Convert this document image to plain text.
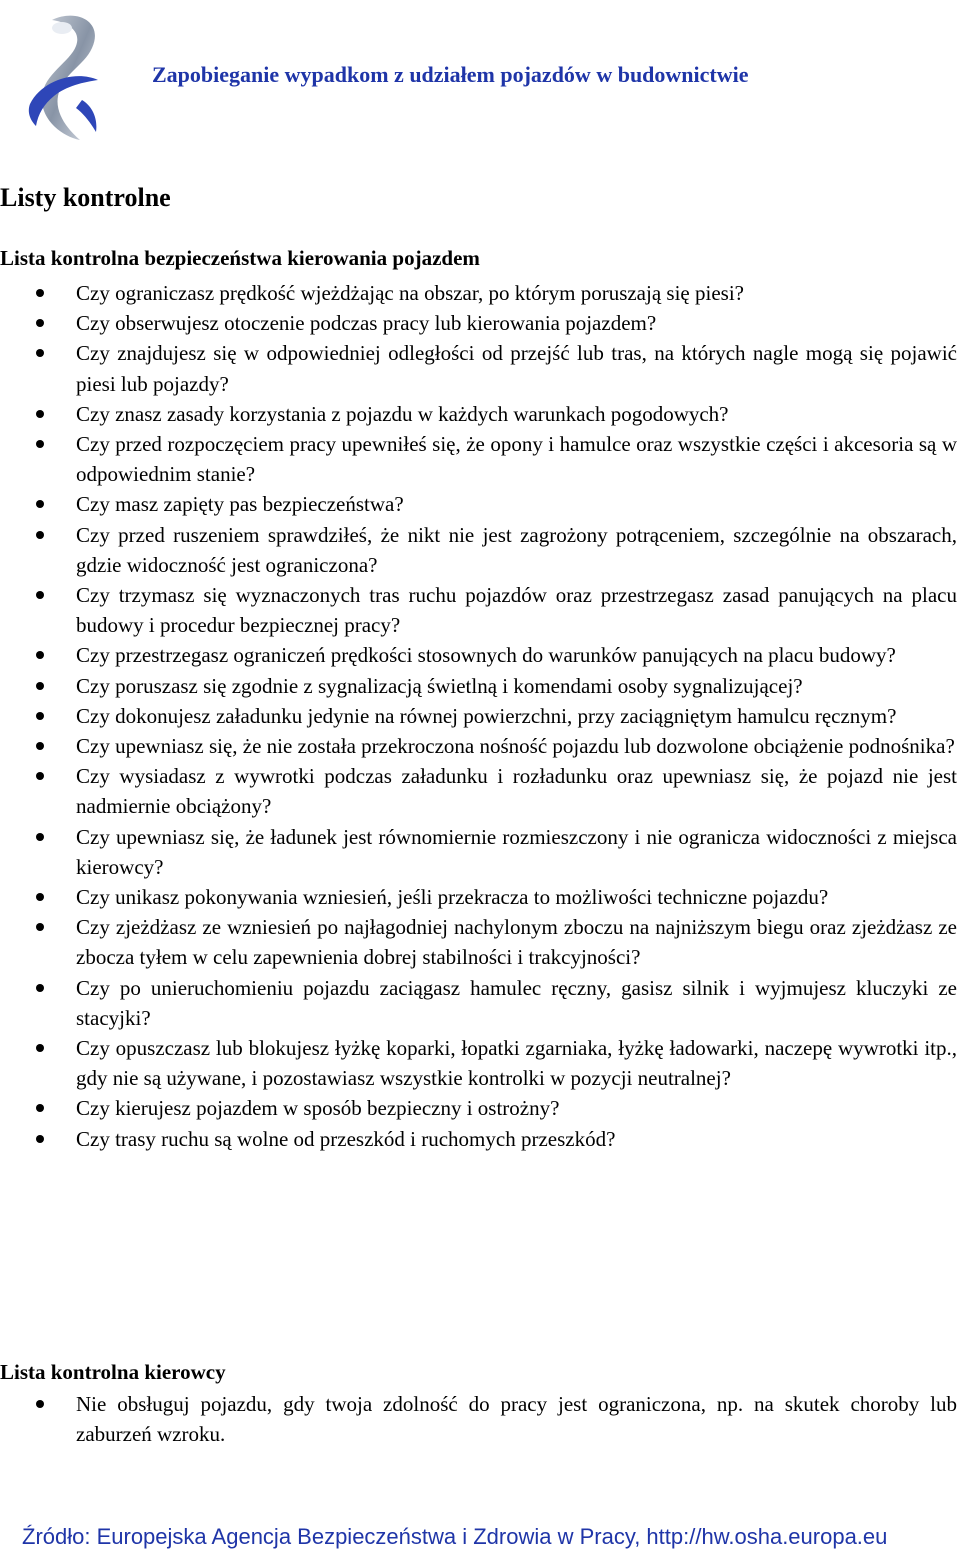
Zapobieganie wypadkom z udziałem pojazdów w budownictwie
Listy kontrolne
Lista kontrolna bezpieczeństwa kierowania pojazdem
Czy ograniczasz prędkość wjeżdżając na obszar, po którym poruszają się piesi?
Czy obserwujesz otoczenie podczas pracy lub kierowania pojazdem?
Czy znajdujesz się w odpowiedniej odległości od przejść lub tras, na których nagle mogą się pojawić piesi lub pojazdy?
Czy znasz zasady korzystania z pojazdu w każdych warunkach pogodowych?
Czy przed rozpoczęciem pracy upewniłeś się, że opony i hamulce oraz wszystkie części i akcesoria są w odpowiednim stanie?
Czy masz zapięty pas bezpieczeństwa?
Czy przed ruszeniem sprawdziłeś, że nikt nie jest zagrożony potrąceniem, szczególnie na obszarach, gdzie widoczność jest ograniczona?
Czy trzymasz się wyznaczonych tras ruchu pojazdów oraz przestrzegasz zasad panujących na placu budowy i procedur bezpiecznej pracy?
Czy przestrzegasz ograniczeń prędkości stosownych do warunków panujących na placu budowy?
Czy poruszasz się zgodnie z sygnalizacją świetlną i komendami osoby sygnalizującej?
Czy dokonujesz załadunku jedynie na równej powierzchni, przy zaciągniętym hamulcu ręcznym?
Czy upewniasz się, że nie została przekroczona nośność pojazdu lub dozwolone obciążenie podnośnika?
Czy wysiadasz z wywrotki podczas załadunku i rozładunku oraz upewniasz się, że pojazd nie jest nadmiernie obciążony?
Czy upewniasz się, że ładunek jest równomiernie rozmieszczony i nie ogranicza widoczności z miejsca kierowcy?
Czy unikasz pokonywania wzniesień, jeśli przekracza to możliwości techniczne pojazdu?
Czy zjeżdżasz ze wzniesień po najłagodniej nachylonym zboczu na najniższym biegu oraz zjeżdżasz ze zbocza tyłem w celu zapewnienia dobrej stabilności i trakcyjności?
Czy po unieruchomieniu pojazdu zaciągasz hamulec ręczny, gasisz silnik i wyjmujesz kluczyki ze stacyjki?
Czy opuszczasz lub blokujesz łyżkę koparki, łopatki zgarniaka, łyżkę ładowarki, naczepę wywrotki itp., gdy nie są używane, i pozostawiasz wszystkie kontrolki w pozycji neutralnej?
Czy kierujesz pojazdem w sposób bezpieczny i ostrożny?
Czy trasy ruchu są wolne od przeszkód i ruchomych przeszkód?
Lista kontrolna kierowcy
Nie obsługuj pojazdu, gdy twoja zdolność do pracy jest ograniczona, np. na skutek choroby lub zaburzeń wzroku.
Źródło: Europejska Agencja Bezpieczeństwa i Zdrowia w Pracy, http://hw.osha.europa.eu
